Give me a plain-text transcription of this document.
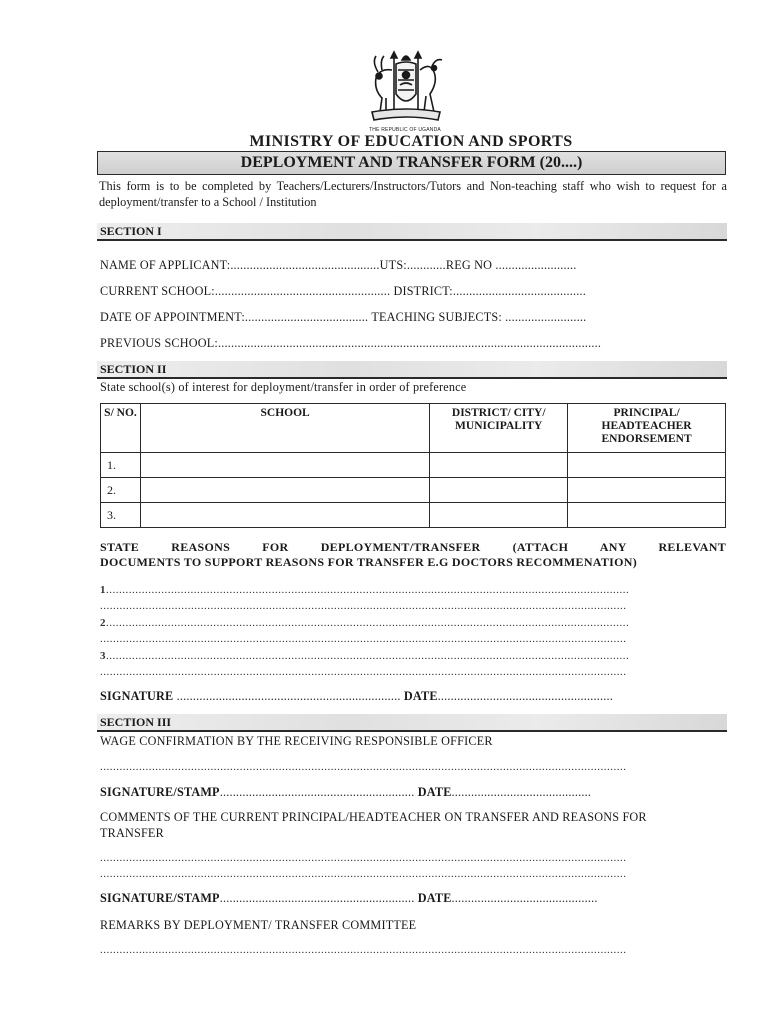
THE REPUBLIC OF UGANDA
MINISTRY OF EDUCATION AND SPORTS
DEPLOYMENT AND TRANSFER FORM (20....)
This form is to be completed by Teachers/Lecturers/Instructors/Tutors and Non-teaching staff who wish to request for a deployment/transfer to a School / Institution
SECTION I
NAME OF APPLICANT:..............................................UTS:............REG NO .........................
CURRENT SCHOOL:...................................................... DISTRICT:.........................................
DATE OF APPOINTMENT:...................................... TEACHING SUBJECTS: .........................
PREVIOUS SCHOOL:......................................................................................................................
SECTION II
State school(s) of interest for deployment/transfer in order of preference
S/ NO.	SCHOOL	DISTRICT/ CITY/ MUNICIPALITY	PRINCIPAL/ HEADTEACHER ENDORSEMENT
1.			
2.			
3.			
STATE REASONS FOR DEPLOYMENT/TRANSFER (ATTACH ANY RELEVANT
DOCUMENTS TO SUPPORT REASONS FOR TRANSFER E.G DOCTORS RECOMMENATION)
1.................................................................................................................................................................
..................................................................................................................................................................
2.................................................................................................................................................................
..................................................................................................................................................................
3.................................................................................................................................................................
..................................................................................................................................................................
SIGNATURE ..................................................................... DATE......................................................
SECTION III
WAGE CONFIRMATION BY THE RECEIVING RESPONSIBLE OFFICER
..................................................................................................................................................................
SIGNATURE/STAMP............................................................ DATE...........................................
COMMENTS OF THE CURRENT PRINCIPAL/HEADTEACHER ON TRANSFER AND REASONS FOR
TRANSFER
..................................................................................................................................................................
..................................................................................................................................................................
SIGNATURE/STAMP............................................................ DATE.............................................
REMARKS BY DEPLOYMENT/ TRANSFER COMMITTEE
..................................................................................................................................................................
